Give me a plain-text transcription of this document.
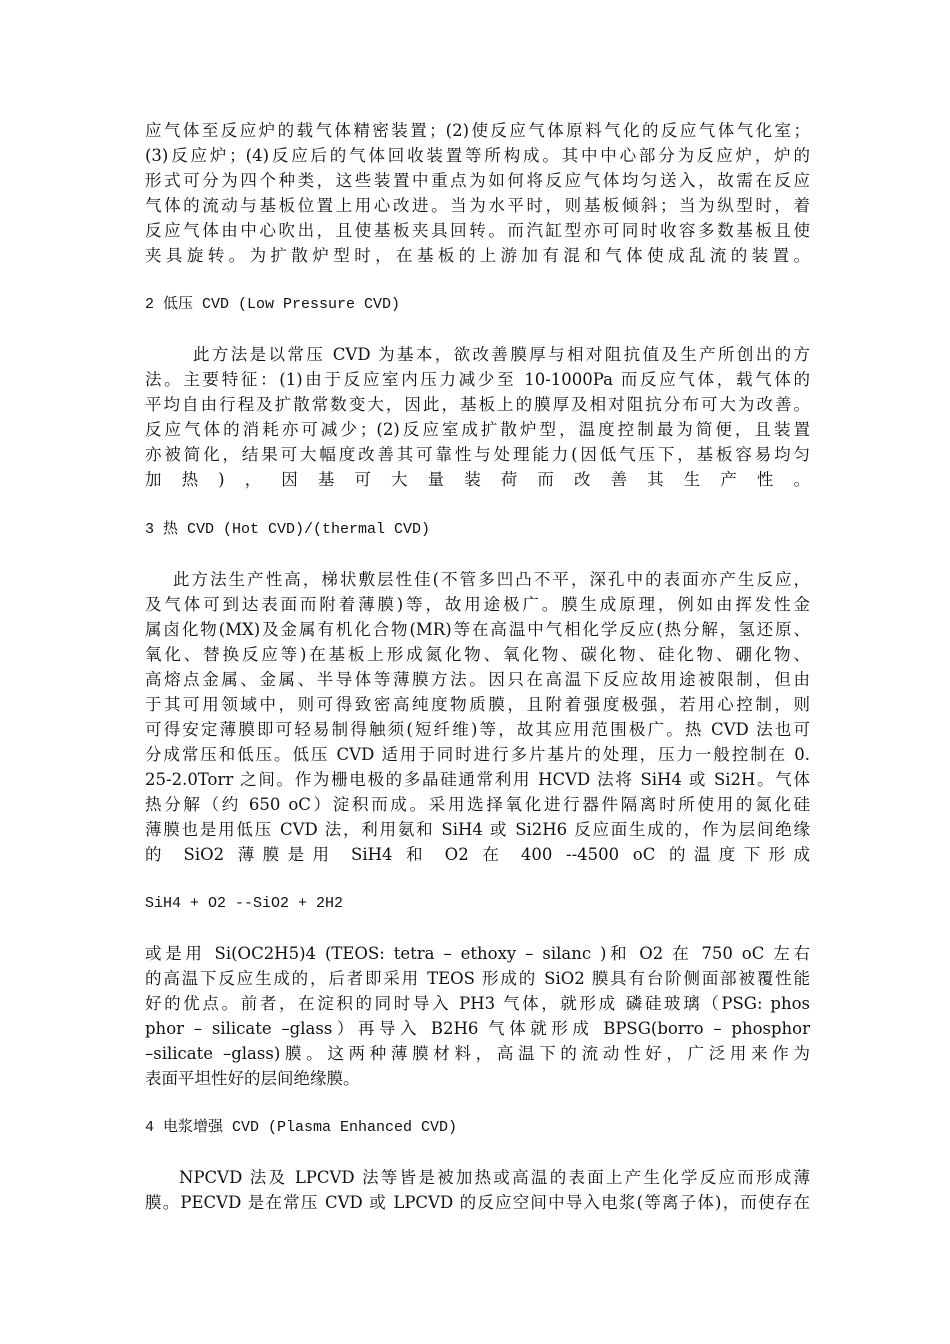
应气体至反应炉的载气体精密装置；(2)使反应气体原料气化的反应气体气化室；
(3)反应炉；(4)反应后的气体回收装置等所构成。其中中心部分为反应炉，炉的
形式可分为四个种类，这些装置中重点为如何将反应气体均匀送入，故需在反应
气体的流动与基板位置上用心改进。当为水平时，则基板倾斜；当为纵型时，着
反应气体由中心吹出，且使基板夹具回转。而汽缸型亦可同时收容多数基板且使
夹具旋转。为扩散炉型时，在基板的上游加有混和气体使成乱流的装置。
2 低压 CVD (Low Pressure CVD)
此方法是以常压 CVD 为基本，欲改善膜厚与相对阻抗值及生产所创出的方
法。主要特征：(1)由于反应室内压力减少至 10-1000Pa 而反应气体，载气体的
平均自由行程及扩散常数变大，因此，基板上的膜厚及相对阻抗分布可大为改善。
反应气体的消耗亦可减少；(2)反应室成扩散炉型，温度控制最为简便，且装置
亦被简化，结果可大幅度改善其可靠性与处理能力(因低气压下，基板容易均匀
加热)，因基可大量装荷而改善其生产性。
3 热 CVD (Hot CVD)/(thermal CVD)
此方法生产性高，梯状敷层性佳(不管多凹凸不平，深孔中的表面亦产生反应，
及气体可到达表面而附着薄膜)等，故用途极广。膜生成原理，例如由挥发性金
属卤化物(MX)及金属有机化合物(MR)等在高温中气相化学反应(热分解，氢还原、
氧化、替换反应等)在基板上形成氮化物、氧化物、碳化物、硅化物、硼化物、
高熔点金属、金属、半导体等薄膜方法。因只在高温下反应故用途被限制，但由
于其可用领域中，则可得致密高纯度物质膜，且附着强度极强，若用心控制，则
可得安定薄膜即可轻易制得触须(短纤维)等，故其应用范围极广。热 CVD 法也可
分成常压和低压。低压 CVD 适用于同时进行多片基片的处理，压力一般控制在 0.
25-2.0Torr 之间。作为栅电极的多晶硅通常利用 HCVD 法将 SiH4 或 Si2H。气体
热分解（约 650 oC）淀积而成。采用选择氧化进行器件隔离时所使用的氮化硅
薄膜也是用低压 CVD 法，利用氨和 SiH4 或 Si2H6 反应面生成的，作为层间绝缘
的 SiO2 薄膜是用 SiH4 和 O2 在 400 --4500 oC 的温度下形成
SiH4 + O2 --SiO2 + 2H2
或是用 Si(OC2H5)4 (TEOS: tetra – ethoxy – silanc )和 O2 在 750 oC 左右
的高温下反应生成的，后者即采用 TEOS 形成的 SiO2 膜具有台阶侧面部被覆性能
好的优点。前者，在淀积的同时导入 PH3 气体，就形成 磷硅玻璃（PSG: phos
phor – silicate –glass）再导入 B2H6 气体就形成 BPSG(borro – phosphor
–silicate –glass)膜。这两种薄膜材料，高温下的流动性好，广泛用来作为
表面平坦性好的层间绝缘膜。
4 电浆增强 CVD (Plasma Enhanced CVD)
NPCVD 法及 LPCVD 法等皆是被加热或高温的表面上产生化学反应而形成薄
膜。PECVD 是在常压 CVD 或 LPCVD 的反应空间中导入电浆(等离子体)，而使存在
